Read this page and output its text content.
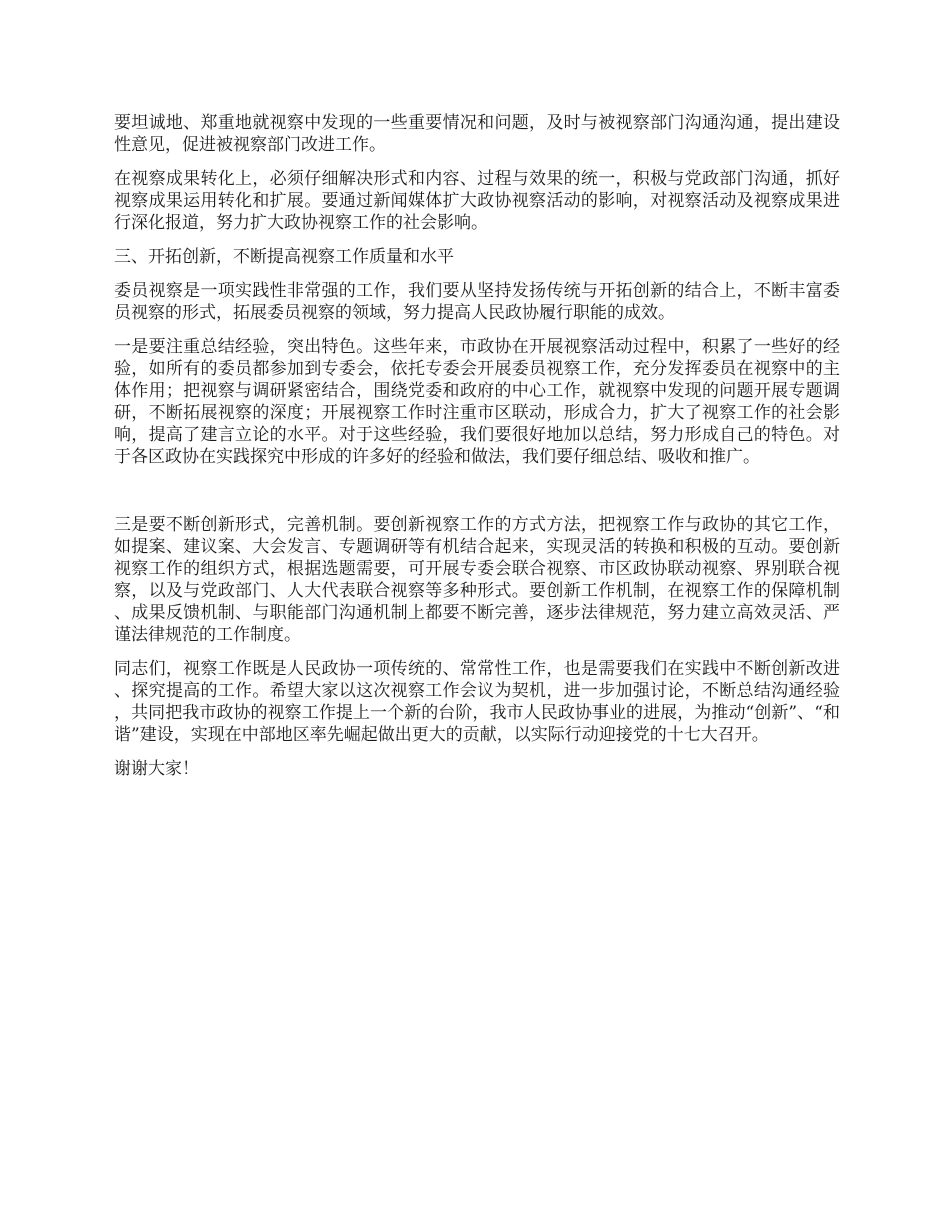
要坦诚地、郑重地就视察中发现的一些重要情况和问题，及时与被视察部门沟通沟通，提出建设性意见，促进被视察部门改进工作。

在视察成果转化上，必须仔细解决形式和内容、过程与效果的统一，积极与党政部门沟通，抓好视察成果运用转化和扩展。要通过新闻媒体扩大政协视察活动的影响，对视察活动及视察成果进行深化报道，努力扩大政协视察工作的社会影响。

三、开拓创新，不断提高视察工作质量和水平

委员视察是一项实践性非常强的工作，我们要从坚持发扬传统与开拓创新的结合上，不断丰富委员视察的形式，拓展委员视察的领域，努力提高人民政协履行职能的成效。

一是要注重总结经验，突出特色。这些年来，市政协在开展视察活动过程中，积累了一些好的经验，如所有的委员都参加到专委会，依托专委会开展委员视察工作，充分发挥委员在视察中的主体作用；把视察与调研紧密结合，围绕党委和政府的中心工作，就视察中发现的问题开展专题调研，不断拓展视察的深度；开展视察工作时注重市区联动，形成合力，扩大了视察工作的社会影响，提高了建言立论的水平。对于这些经验，我们要很好地加以总结，努力形成自己的特色。对于各区政协在实践探究中形成的许多好的经验和做法，我们要仔细总结、吸收和推广。

三是要不断创新形式，完善机制。要创新视察工作的方式方法，把视察工作与政协的其它工作，如提案、建议案、大会发言、专题调研等有机结合起来，实现灵活的转换和积极的互动。要创新视察工作的组织方式，根据选题需要，可开展专委会联合视察、市区政协联动视察、界别联合视察，以及与党政部门、人大代表联合视察等多种形式。要创新工作机制，在视察工作的保障机制、成果反馈机制、与职能部门沟通机制上都要不断完善，逐步法律规范，努力建立高效灵活、严谨法律规范的工作制度。

同志们，视察工作既是人民政协一项传统的、常常性工作，也是需要我们在实践中不断创新改进、探究提高的工作。希望大家以这次视察工作会议为契机，进一步加强讨论，不断总结沟通经验，共同把我市政协的视察工作提上一个新的台阶，我市人民政协事业的进展，为推动“创新”、“和谐”建设，实现在中部地区率先崛起做出更大的贡献，以实际行动迎接党的十七大召开。

谢谢大家！
